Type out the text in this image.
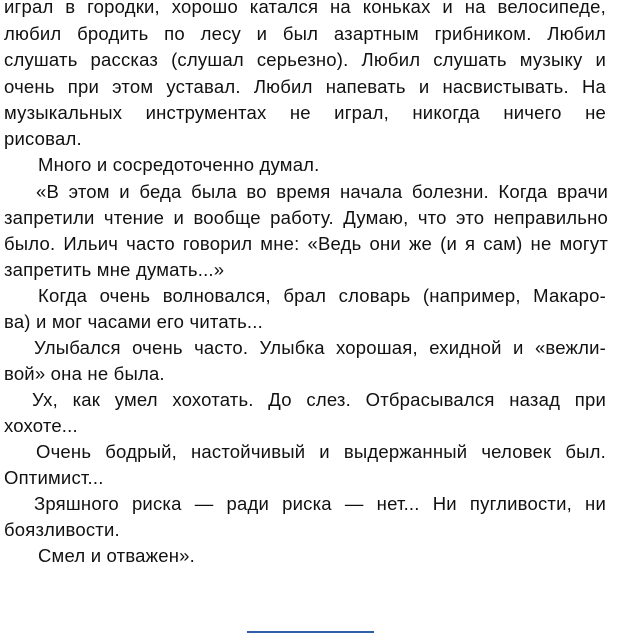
играл в городки, хорошо катался на коньках и на велосипеде,
любил бродить по лесу и был азартным грибником. Любил
слушать рассказ (слушал серьезно). Любил слушать музыку и
очень при этом уставал. Любил напевать и насвистывать. На
музыкальных инструментах не играл, никогда ничего не
рисовал.
Много и сосредоточенно думал.
«В этом и беда была во время начала болезни. Когда врачи
запретили чтение и вообще работу. Думаю, что это неправильно
было. Ильич часто говорил мне: «Ведь они же (и я сам) не могут
запретить мне думать...»
Когда очень волновался, брал словарь (например, Макаро-
ва) и мог часами его читать...
Улыбался очень часто. Улыбка хорошая, ехидной и «вежли-
вой» она не была.
Ух, как умел хохотать. До слез. Отбрасывался назад при
хохоте...
Очень бодрый, настойчивый и выдержанный человек был.
Оптимист...
Зряшного риска — ради риска — нет... Ни пугливости, ни
боязливости.
Смел и отважен».
